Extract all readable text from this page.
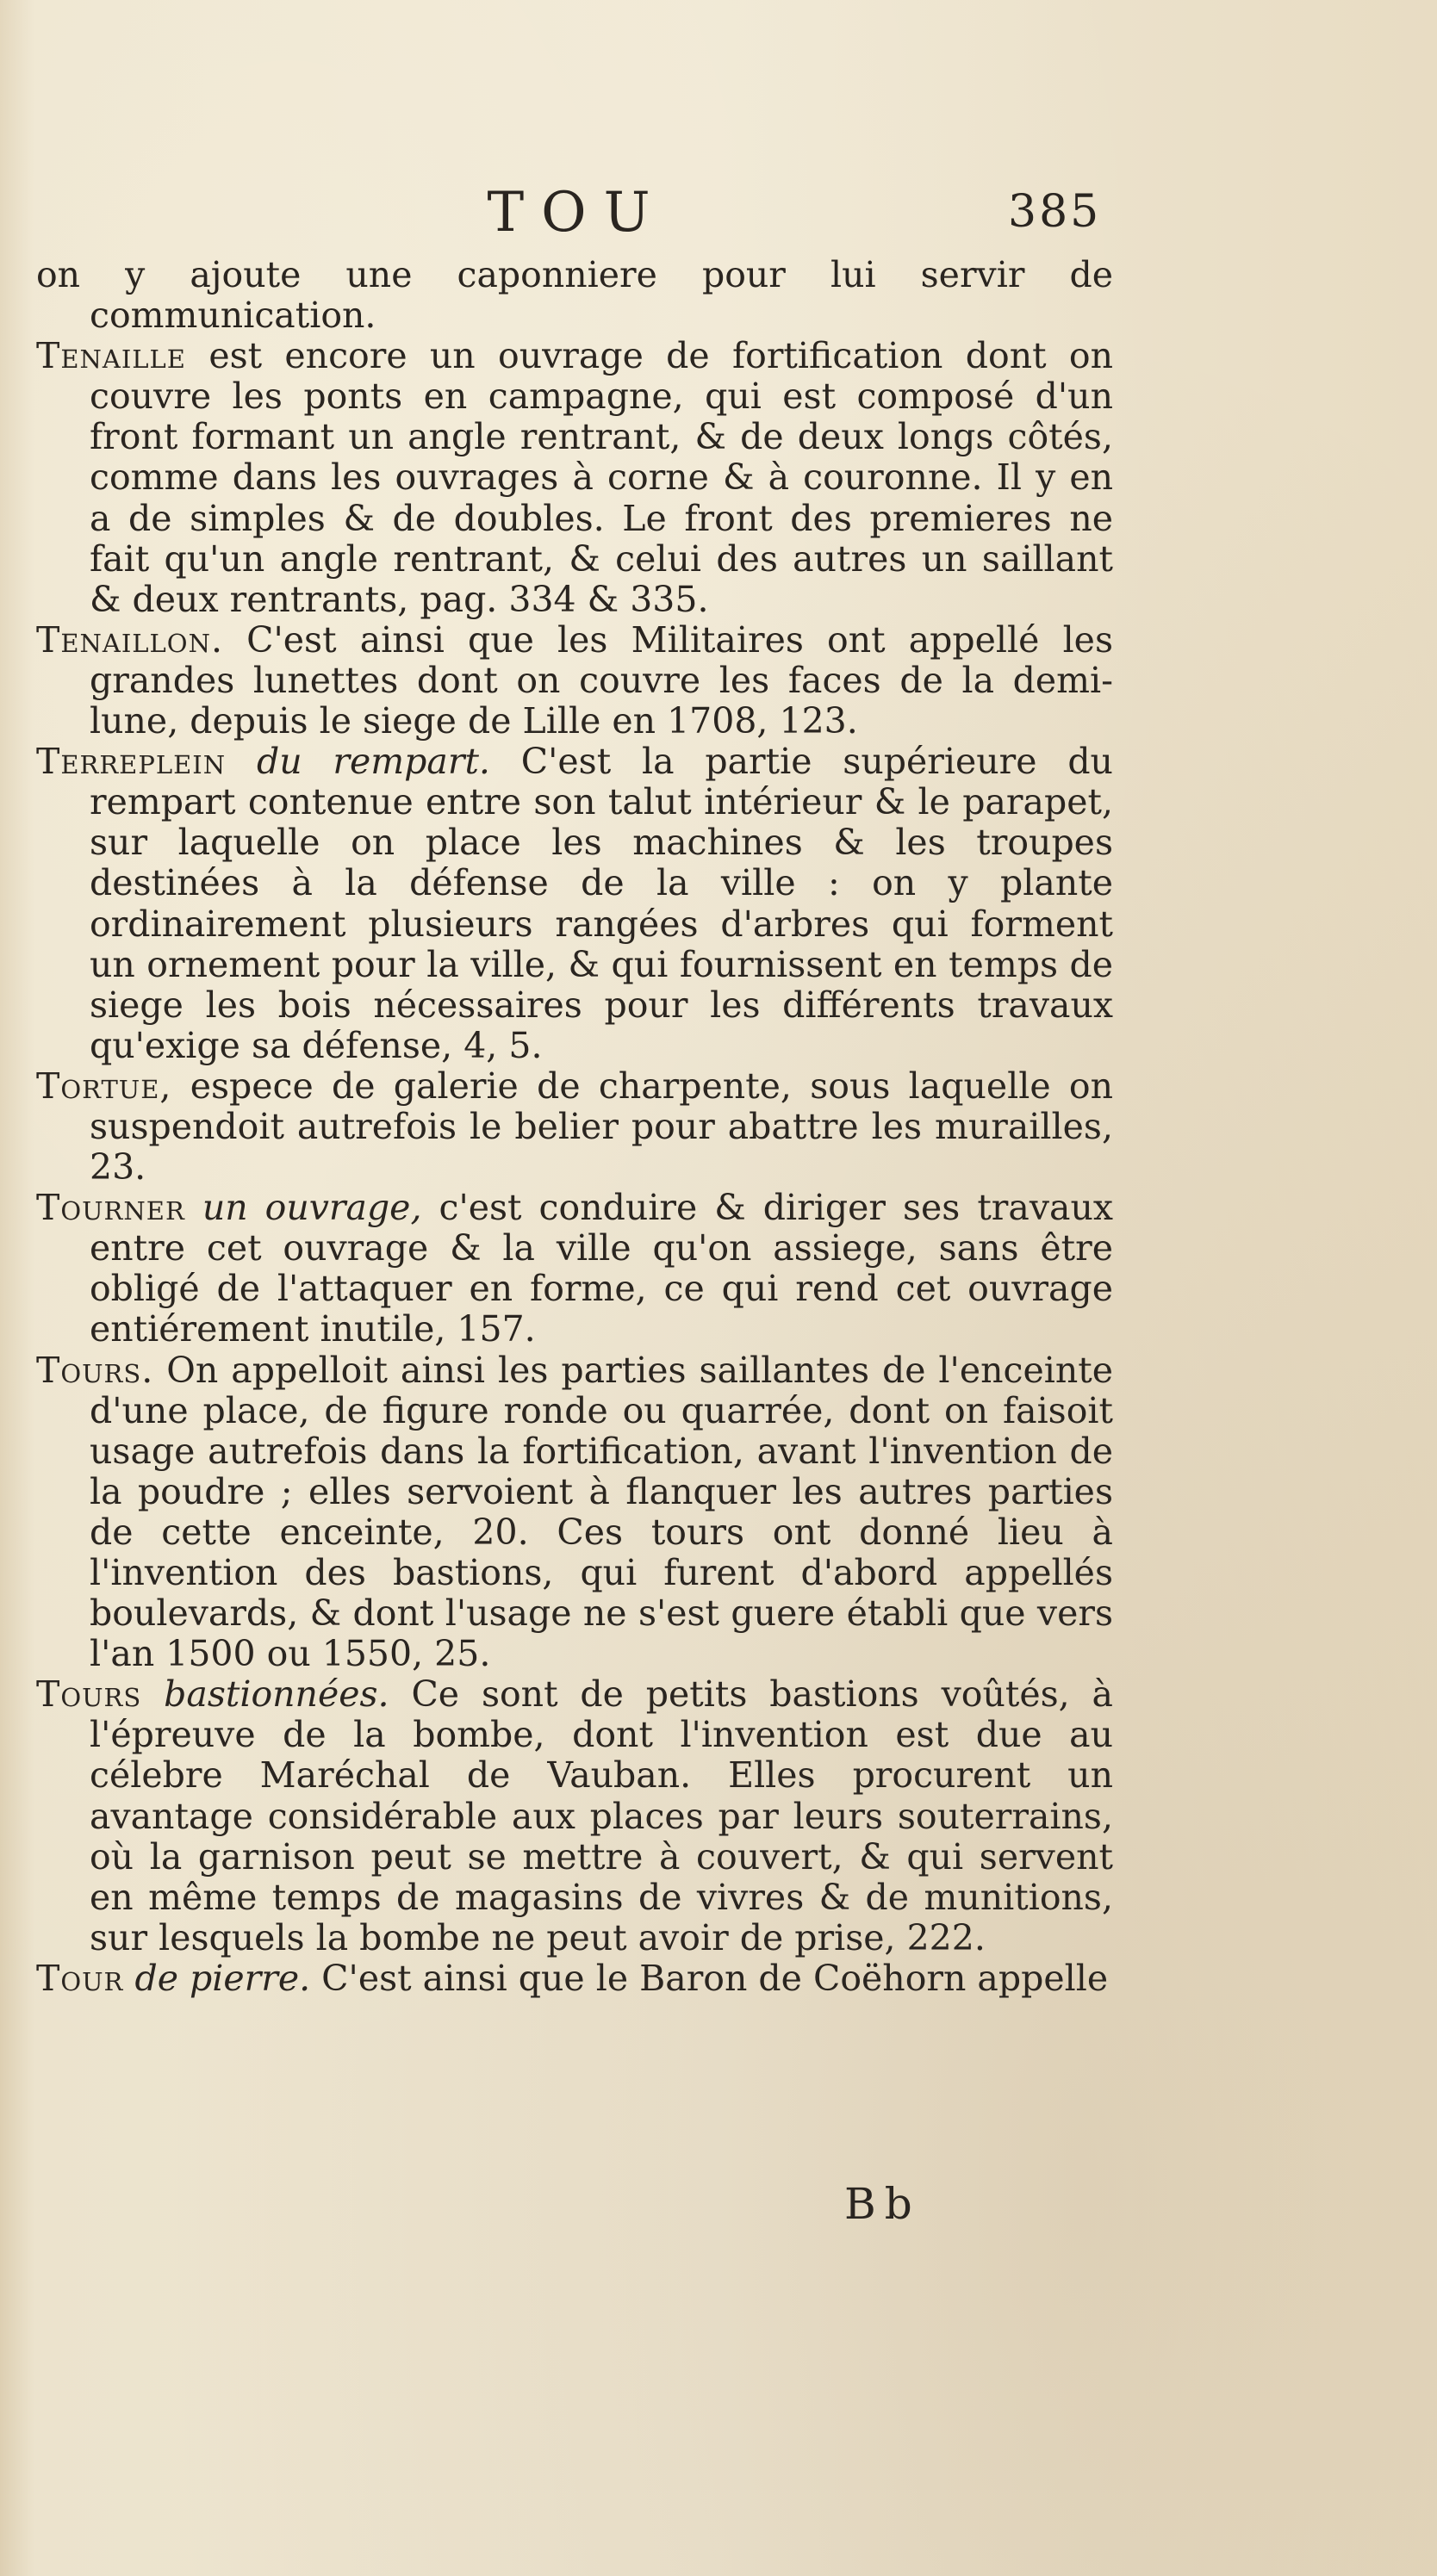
TOU	385

on y ajoute une caponniere pour lui servir de communication.

Tenaille est encore un ouvrage de fortification dont on couvre les ponts en campagne, qui est composé d'un front formant un angle rentrant, & de deux longs côtés, comme dans les ouvrages à corne & à couronne. Il y en a de simples & de doubles. Le front des premieres ne fait qu'un angle rentrant, & celui des autres un saillant & deux rentrants, pag. 334 & 335.

Tenaillon. C'est ainsi que les Militaires ont appellé les grandes lunettes dont on couvre les faces de la demi-lune, depuis le siege de Lille en 1708, 123.

Terreplein du rempart. C'est la partie supérieure du rempart contenue entre son talut intérieur & le parapet, sur laquelle on place les machines & les troupes destinées à la défense de la ville : on y plante ordinairement plusieurs rangées d'arbres qui forment un ornement pour la ville, & qui fournissent en temps de siege les bois nécessaires pour les différents travaux qu'exige sa défense, 4, 5.

Tortue, espece de galerie de charpente, sous laquelle on suspendoit autrefois le belier pour abattre les murailles, 23.

Tourner un ouvrage, c'est conduire & diriger ses travaux entre cet ouvrage & la ville qu'on assiege, sans être obligé de l'attaquer en forme, ce qui rend cet ouvrage entiérement inutile, 157.

Tours. On appelloit ainsi les parties saillantes de l'enceinte d'une place, de figure ronde ou quarrée, dont on faisoit usage autrefois dans la fortification, avant l'invention de la poudre ; elles servoient à flanquer les autres parties de cette enceinte, 20. Ces tours ont donné lieu à l'invention des bastions, qui furent d'abord appellés boulevards, & dont l'usage ne s'est guere établi que vers l'an 1500 ou 1550, 25.

Tours bastionnées. Ce sont de petits bastions voûtés, à l'épreuve de la bombe, dont l'invention est due au célebre Maréchal de Vauban. Elles procurent un avantage considérable aux places par leurs souterrains, où la garnison peut se mettre à couvert, & qui servent en même temps de magasins de vivres & de munitions, sur lesquels la bombe ne peut avoir de prise, 222.

Tour de pierre. C'est ainsi que le Baron de Coëhorn appelle

Bb
